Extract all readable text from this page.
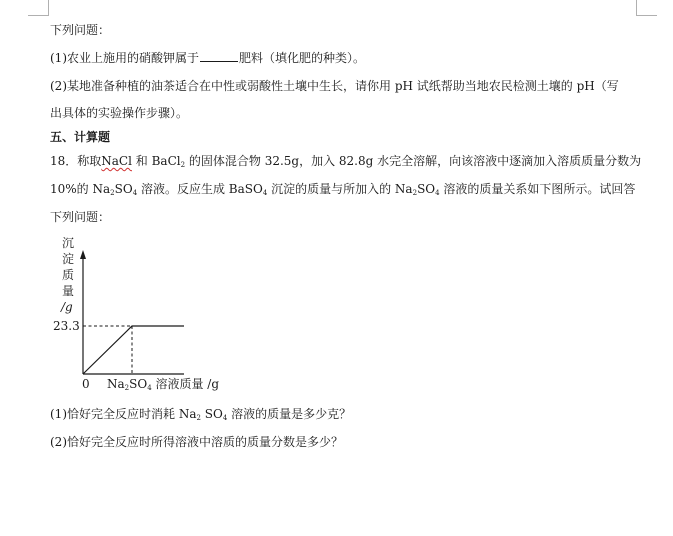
下列问题：
(1)农业上施用的硝酸钾属于	肥料（填化肥的种类）。
(2)某地准备种植的油茶适合在中性或弱酸性土壤中生长，请你用 pH 试纸帮助当地农民检测土壤的 pH（写
出具体的实验操作步骤）。
五、计算题
18．称取NaCl 和 BaCl$_2$ 的固体混合物 32.5g，加入 82.8g 水完全溶解，向该溶液中逐滴加入溶质质量分数为
10%的 $Na_2SO_4$ 溶液。反应生成 BaSO$_4$ 沉淀的质量与所加入的 $Na_2SO_4$ 溶液的质量关系如下图所示。试回答
下列问题：
沉
淀
质
量
/g
23.3
0 Na2SO4 溶液质量 /g
(1)恰好完全反应时消耗 $Na_2$ $SO_4$ 溶液的质量是多少克？
(2)恰好完全反应时所得溶液中溶质的质量分数是多少？
